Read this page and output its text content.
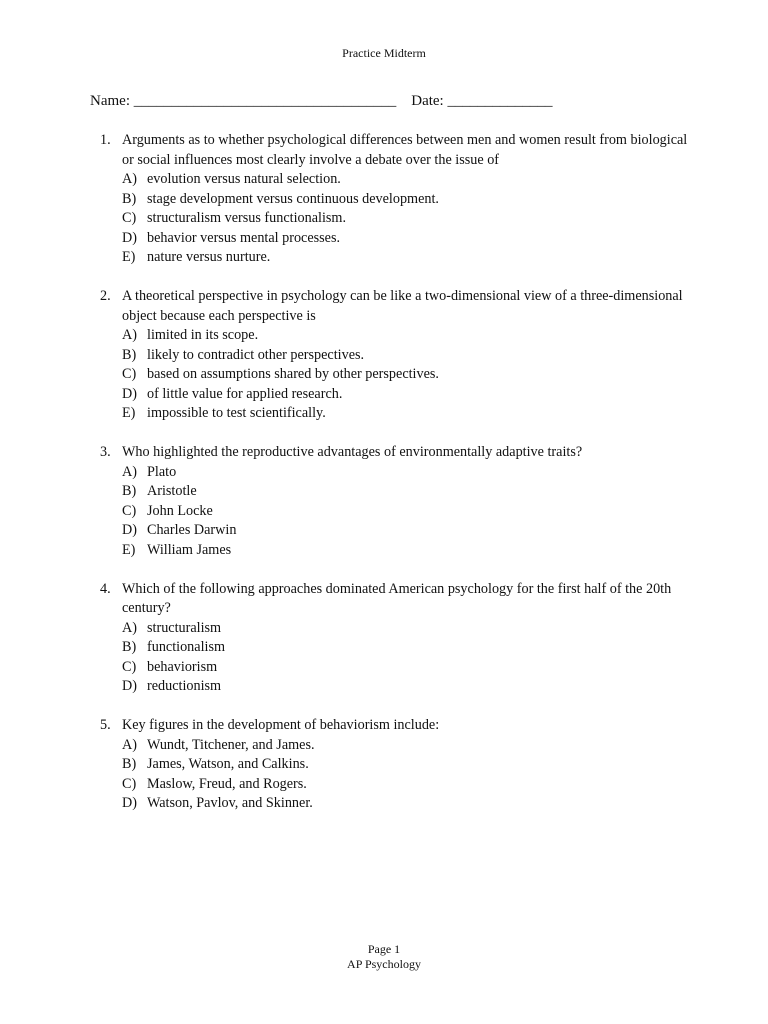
Practice Midterm
Name: ___________________________________ Date: ______________
1. Arguments as to whether psychological differences between men and women result from biological or social influences most clearly involve a debate over the issue of
A) evolution versus natural selection.
B) stage development versus continuous development.
C) structuralism versus functionalism.
D) behavior versus mental processes.
E) nature versus nurture.
2. A theoretical perspective in psychology can be like a two-dimensional view of a three-dimensional object because each perspective is
A) limited in its scope.
B) likely to contradict other perspectives.
C) based on assumptions shared by other perspectives.
D) of little value for applied research.
E) impossible to test scientifically.
3. Who highlighted the reproductive advantages of environmentally adaptive traits?
A) Plato
B) Aristotle
C) John Locke
D) Charles Darwin
E) William James
4. Which of the following approaches dominated American psychology for the first half of the 20th century?
A) structuralism
B) functionalism
C) behaviorism
D) reductionism
5. Key figures in the development of behaviorism include:
A) Wundt, Titchener, and James.
B) James, Watson, and Calkins.
C) Maslow, Freud, and Rogers.
D) Watson, Pavlov, and Skinner.
Page 1
AP Psychology
